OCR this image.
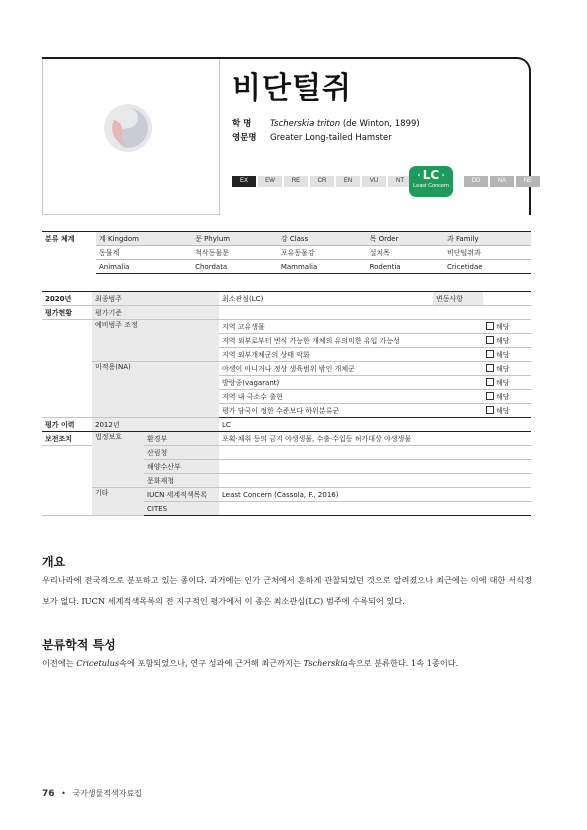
비단털쥐
학 명 Tscherskia triton (de Winton, 1899)
영문명 Greater Long-tailed Hamster
EX	EW	RE	CR	EN	VU	NT	DD	NA	NE
‹ LC ›
Least Concern
분류 체계	계 Kingdom	문 Phylum	강 Class	목 Order	과 Family
	동물계	척삭동물문	포유동물강	설치목	비단털쥐과
	Animalia	Chordata	Mammalia	Rodentia	Cricetidae
2020년	최종범주		최소관심(LC)	변동사항	
평가현황	평가기준				
	예비범주 조정		지역 고유생물		해당
			지역 외부로부터 번식 가능한 개체의 유의미한 유입 가능성		해당
			지역 외부개체군의 상태 악화		해당
	미적용(NA)		야생이 아니거나 정상 생육범위 밖인 개체군		해당
			방랑종(vagarant)		해당
			지역 내 극소수 출현		해당
			평가 담국이 정한 수준보다 하위분류군		해당
평가 이력	2012년		LC		
보전조치	법정보호	환경부	포획·채취 등의 금지 야생생물, 수출·수입등 허가대상 야생생물		
		산림청			
		해양수산부			
		문화재청			
	기타	IUCN 세계적색목록	Least Concern (Cassola, F., 2016)		
		CITES			
개요
우리나라에 전국적으로 분포하고 있는 종이다. 과거에는 인가 근처에서 흔하게 관찰되었던 것으로 알려졌으나 최근에는 이에 대한 서식정보가 없다. IUCN 세계적색목록의 전 지구적인 평가에서 이 종은 최소관심(LC) 범주에 수록되어 있다.
분류학적 특성
이전에는 Cricetulus속에 포함되었으나, 연구 성과에 근거해 최근까지는 Tscherskia속으로 분류한다. 1속 1종이다.
76 • 국가생물적색자료집
